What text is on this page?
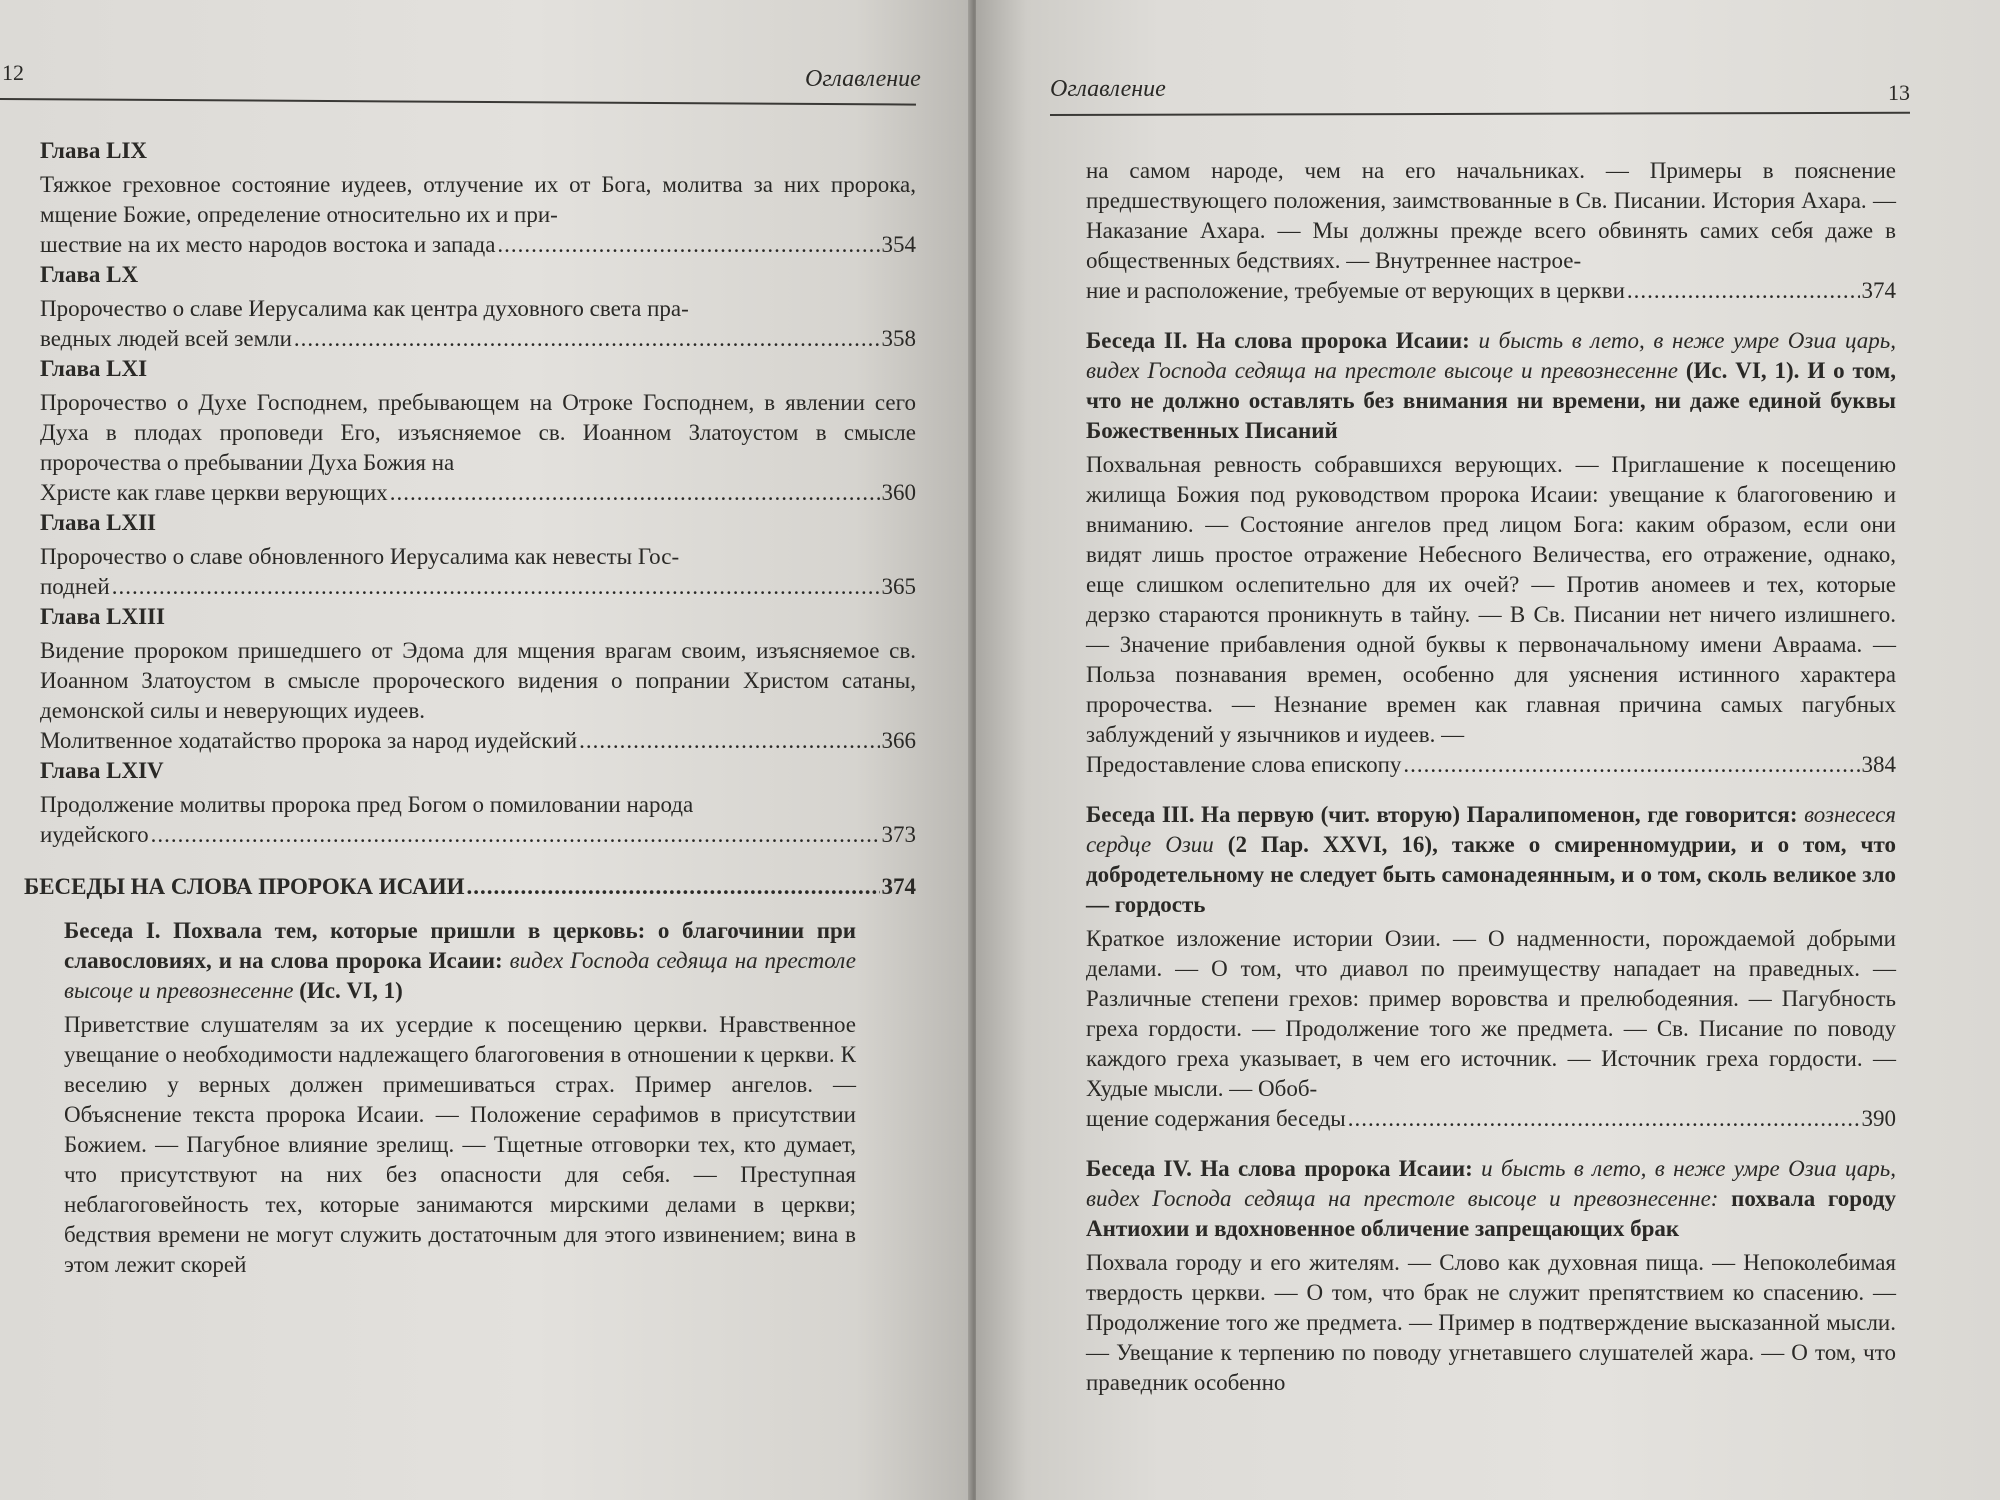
12	Оглавление
Глава LIX
Тяжкое греховное состояние иудеев, отлучение их от Бога, молитва за них пророка, мщение Божие, определение относительно их и при-
шествие на их место народов востока и запада .....	354
Глава LX
Пророчество о славе Иерусалима как центра духовного света пра-
ведных людей всей земли .....	358
Глава LXI
Пророчество о Духе Господнем, пребывающем на Отроке Господнем, в явлении сего Духа в плодах проповеди Его, изъясняемое св. Иоанном Златоустом в смысле пророчества о пребывании Духа Божия на
Христе как главе церкви верующих .....	360
Глава LXII
Пророчество о славе обновленного Иерусалима как невесты Гос-
подней .....	365
Глава LXIII
Видение пророком пришедшего от Эдома для мщения врагам своим, изъясняемое св. Иоанном Златоустом в смысле пророческого видения о попрании Христом сатаны, демонской силы и неверующих иудеев.
Молитвенное ходатайство пророка за народ иудейский .....	366
Глава LXIV
Продолжение молитвы пророка пред Богом о помиловании народа
иудейского .....	373
БЕСЕДЫ НА СЛОВА ПРОРОКА ИСАИИ .....	374
Беседа I. Похвала тем, которые пришли в церковь: о благочинии при славословиях, и на слова пророка Исаии: видех Господа седяща на престоле высоце и превознесенне (Ис. VI, 1)
Приветствие слушателям за их усердие к посещению церкви. Нравственное увещание о необходимости надлежащего благоговения в отношении к церкви. К веселию у верных должен примешиваться страх. Пример ангелов. — Объяснение текста пророка Исаии. — Положение серафимов в присутствии Божием. — Пагубное влияние зрелищ. — Тщетные отговорки тех, кто думает, что присутствуют на них без опасности для себя. — Преступная неблагоговейность тех, которые занимаются мирскими делами в церкви; бедствия времени не могут служить достаточным для этого извинением; вина в этом лежит скорей
Оглавление	13
на самом народе, чем на его начальниках. — Примеры в пояснение предшествующего положения, заимствованные в Св. Писании. История Ахара. — Наказание Ахара. — Мы должны прежде всего обвинять самих себя даже в общественных бедствиях. — Внутреннее настрое-
ние и расположение, требуемые от верующих в церкви .....	374
Беседа II. На слова пророка Исаии: и бысть в лето, в неже умре Озиа царь, видех Господа седяща на престоле высоце и превознесенне (Ис. VI, 1). И о том, что не должно оставлять без внимания ни времени, ни даже единой буквы Божественных Писаний
Похвальная ревность собравшихся верующих. — Приглашение к посещению жилища Божия под руководством пророка Исаии: увещание к благоговению и вниманию. — Состояние ангелов пред лицом Бога: каким образом, если они видят лишь простое отражение Небесного Величества, его отражение, однако, еще слишком ослепительно для их очей? — Против аномеев и тех, которые дерзко стараются проникнуть в тайну. — В Св. Писании нет ничего излишнего. — Значение прибавления одной буквы к первоначальному имени Авраама. — Польза познавания времен, особенно для уяснения истинного характера пророчества. — Незнание времен как главная причина самых пагубных заблуждений у язычников и иудеев. —
Предоставление слова епископу .....	384
Беседа III. На первую (чит. вторую) Паралипоменон, где говорится: вознесеся сердце Озии (2 Пар. XXVI, 16), также о смиренномудрии, и о том, что добродетельному не следует быть самонадеянным, и о том, сколь великое зло — гордость
Краткое изложение истории Озии. — О надменности, порождаемой добрыми делами. — О том, что диавол по преимуществу нападает на праведных. — Различные степени грехов: пример воровства и прелюбодеяния. — Пагубность греха гордости. — Продолжение того же предмета. — Св. Писание по поводу каждого греха указывает, в чем его источник. — Источник греха гордости. — Худые мысли. — Обоб-
щение содержания беседы .....	390
Беседа IV. На слова пророка Исаии: и бысть в лето, в неже умре Озиа царь, видех Господа седяща на престоле высоце и превознесенне: похвала городу Антиохии и вдохновенное обличение запрещающих брак
Похвала городу и его жителям. — Слово как духовная пища. — Непоколебимая твердость церкви. — О том, что брак не служит препятствием ко спасению. — Продолжение того же предмета. — Пример в подтверждение высказанной мысли. — Увещание к терпению по поводу угнетавшего слушателей жара. — О том, что праведник особенно
